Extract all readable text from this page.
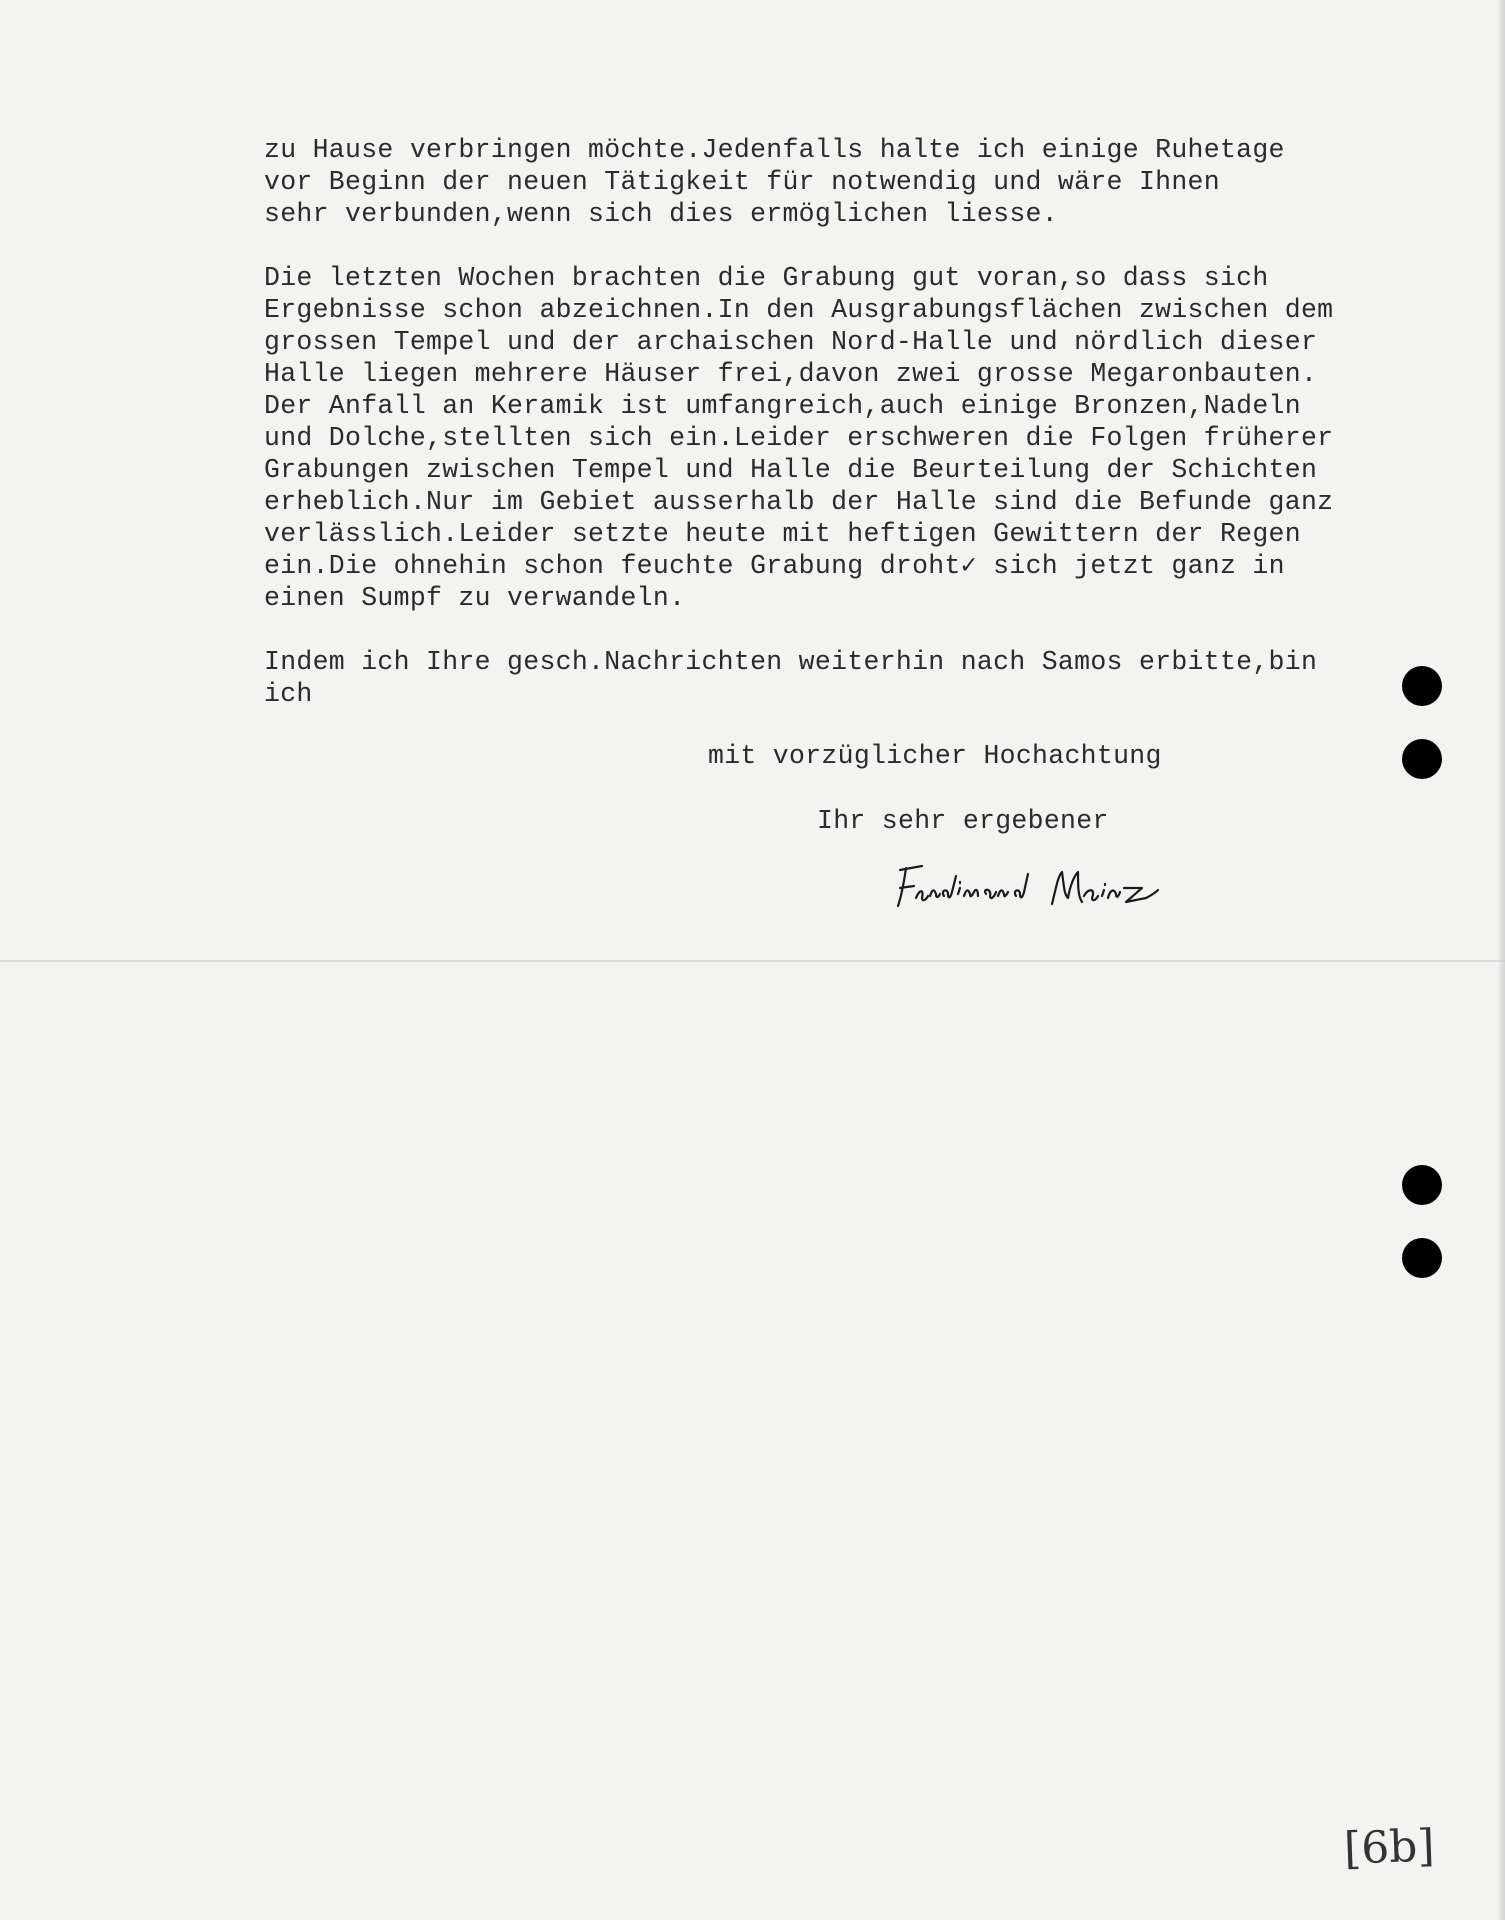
zu Hause verbringen möchte.Jedenfalls halte ich einige Ruhetage
vor Beginn der neuen Tätigkeit für notwendig und wäre Ihnen
sehr verbunden,wenn sich dies ermöglichen liesse.
Die letzten Wochen brachten die Grabung gut voran,so dass sich
Ergebnisse schon abzeichnen.In den Ausgrabungsflächen zwischen dem
grossen Tempel und der archaischen Nord-Halle und nördlich dieser
Halle liegen mehrere Häuser frei,davon zwei grosse Megaronbauten.
Der Anfall an Keramik ist umfangreich,auch einige Bronzen,Nadeln
und Dolche,stellten sich ein.Leider erschweren die Folgen früherer
Grabungen zwischen Tempel und Halle die Beurteilung der Schichten
erheblich.Nur im Gebiet ausserhalb der Halle sind die Befunde ganz
verlässlich.Leider setzte heute mit heftigen Gewittern der Regen
ein.Die ohnehin schon feuchte Grabung droht✓ sich jetzt ganz in
einen Sumpf zu verwandeln.
Indem ich Ihre gesch.Nachrichten weiterhin nach Samos erbitte,bin
ich
mit vorzüglicher Hochachtung
Ihr sehr ergebener
Ferdinand Mainz
[6b]
